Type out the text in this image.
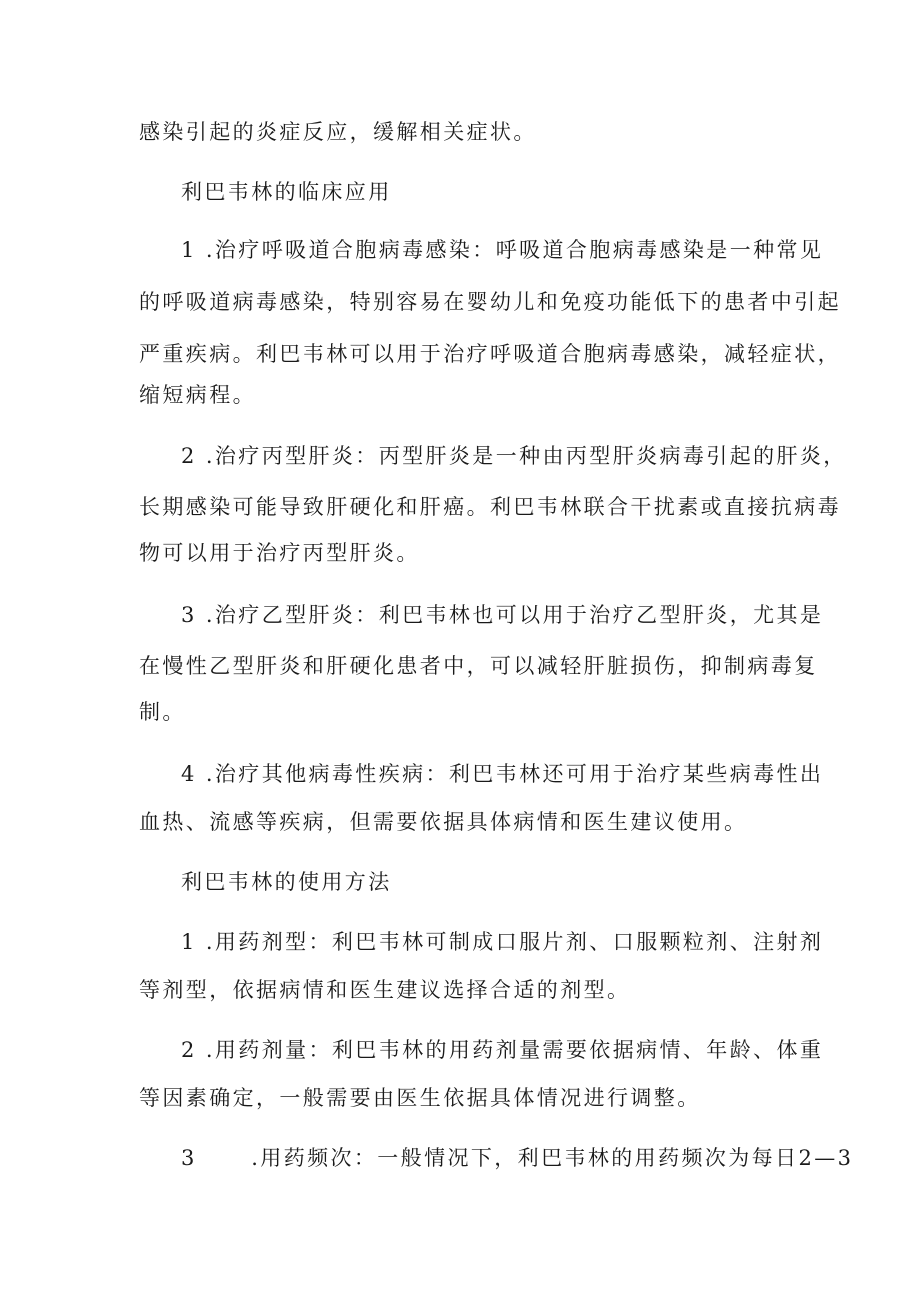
感染引起的炎症反应，缓解相关症状。
利巴韦林的临床应用
1 .治疗呼吸道合胞病毒感染：呼吸道合胞病毒感染是一种常见
的呼吸道病毒感染，特别容易在婴幼儿和免疫功能低下的患者中引起
严重疾病。利巴韦林可以用于治疗呼吸道合胞病毒感染，减轻症状，
缩短病程。
2 .治疗丙型肝炎：丙型肝炎是一种由丙型肝炎病毒引起的肝炎，
长期感染可能导致肝硬化和肝癌。利巴韦林联合干扰素或直接抗病毒
物可以用于治疗丙型肝炎。
3 .治疗乙型肝炎：利巴韦林也可以用于治疗乙型肝炎，尤其是
在慢性乙型肝炎和肝硬化患者中，可以减轻肝脏损伤，抑制病毒复
制。
4 .治疗其他病毒性疾病：利巴韦林还可用于治疗某些病毒性出
血热、流感等疾病，但需要依据具体病情和医生建议使用。
利巴韦林的使用方法
1 .用药剂型：利巴韦林可制成口服片剂、口服颗粒剂、注射剂
等剂型，依据病情和医生建议选择合适的剂型。
2 .用药剂量：利巴韦林的用药剂量需要依据病情、年龄、体重
等因素确定，一般需要由医生依据具体情况进行调整。
3      .用药频次：一般情况下，利巴韦林的用药频次为每日2—3
